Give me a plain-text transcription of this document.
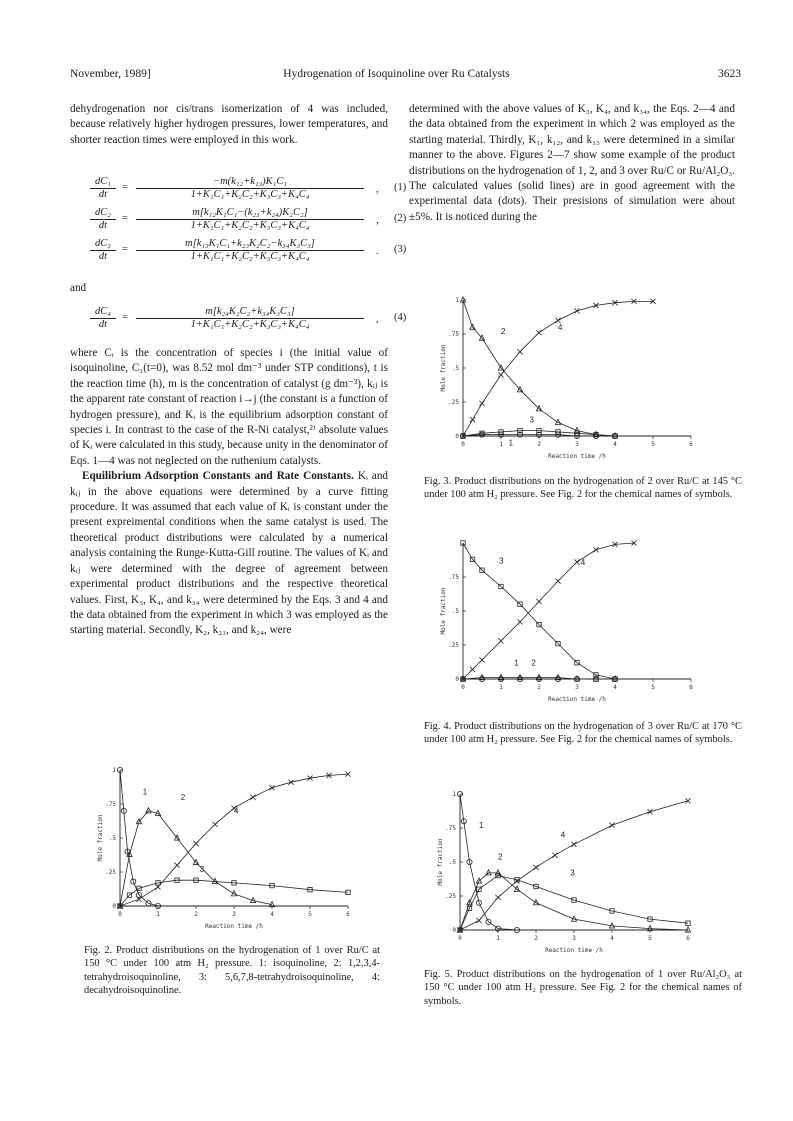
November, 1989]	Hydrogenation of Isoquinoline over Ru Catalysts	3623

dehydrogenation nor cis/trans isomerization of 4 was included, because relatively higher hydrogen pressures, lower temperatures, and shorter reaction times were employed in this work.

$\frac{\text{dC₁}}{dt} = \frac{\text{−m(k₁₂+k₁₃)K₁C₁}}{\text{1+K₁C₁+K₂C₂+K₃C₃+K₄C₄}}$ , (1)
$\frac{\text{dC₂}}{dt} = \frac{\text{m[k₁₂K₁C₁−(k₂₃+k₂₄)K₂C₂]}}{\text{1+K₁C₁+K₂C₂+K₃C₃+K₄C₄}}$ , (2)
$\frac{\text{dC₃}}{dt} = \frac{\text{m[k₁₃K₁C₁+k₂₃K₂C₂−k₃₄K₃C₃]}}{\text{1+K₁C₁+K₂C₂+K₃C₃+K₄C₄}}$ . (3)
and
$\frac{\text{dC₄}}{dt} = \frac{\text{m[k₂₄K₂C₂+k₃₄K₃C₃]}}{\text{1+K₁C₁+K₂C₂+K₃C₃+K₄C₄}}$ , (4)

where Cᵢ is the concentration of species i (the initial value of isoquinoline, C₁(t=0), was 8.52 mol dm⁻³ under STP conditions), t is the reaction time (h), m is the concentration of catalyst (g dm⁻³), kᵢⱼ is the apparent rate constant of reaction i→j (the constant is a function of hydrogen pressure), and Kᵢ is the equilibrium adsorption constant of species i. In contrast to the case of the R-Ni catalyst,²⁾ absolute values of Kᵢ were calculated in this study, because unity in the denominator of Eqs. 1—4 was not neglected on the ruthenium catalysts.

Equilibrium Adsorption Constants and Rate Constants. Kᵢ and kᵢⱼ in the above equations were determined by a curve fitting procedure. It was assumed that each value of Kᵢ is constant under the present expreimental conditions when the same catalyst is used. The theoretical product distributions were calculated by a numerical analysis containing the Runge-Kutta-Gill routine. The values of Kᵢ and kᵢⱼ were determined with the degree of agreement between experimental product distributions and the respective theoretical values. First, K₃, K₄, and k₃₄ were determined by the Eqs. 3 and 4 and the data obtained from the experiment in which 3 was employed as the starting material. Secondly, K₂, k₂₃, and k₂₄, were

determined with the above values of K₃, K₄, and k₃₄, the Eqs. 2—4 and the data obtained from the experiment in which 2 was employed as the starting material. Thirdly, K₁, k₁₂, and k₁₃ were determined in a similar manner to the above. Figures 2—7 show some example of the product distributions on the hydrogenation of 1, 2, and 3 over Ru/C or Ru/Al₂O₃. The calculated values (solid lines) are in good agreement with the experimental data (dots). Their presisions of simulation were about ±5%. It is noticed during the

0	1	2	3	4	5	6
0
.25
.5
.75
1
Reaction time /h
Mole fraction
2	4
1
3
Fig. 3. Product distributions on the hydrogenation of 2 over Ru/C at 145 °C under 100 atm H₂ pressure. See Fig. 2 for the chemical names of symbols.
0	1	2	3	4	5	6
0
.25
.5
.75
Reaction time /h
Mole fraction
3	4
1 2
Fig. 4. Product distributions on the hydrogenation of 3 over Ru/C at 170 °C under 100 atm H₂ pressure. See Fig. 2 for the chemical names of symbols.
0	1	2	3	4	5	6
0
.25
.5
.75
1
Reaction time /h
Mole fraction
1
2
4
3
Fig. 2. Product distributions on the hydrogenation of 1 over Ru/C at 150 °C under 100 atm H₂ pressure. 1: isoquinoline, 2: 1,2,3,4-tetrahydroisoquinoline, 3: 5,6,7,8-tetrahydroisoquinoline, 4: decahydroisoquinoline.
0	1	2	3	4	5	6
0
.25
.5
.75
1
Reaction time /h
Mole fraction
1
2
3
4
Fig. 5. Product distributions on the hydrogenation of 1 over Ru/Al₂O₃ at 150 °C under 100 atm H₂ pressure. See Fig. 2 for the chemical names of symbols.
